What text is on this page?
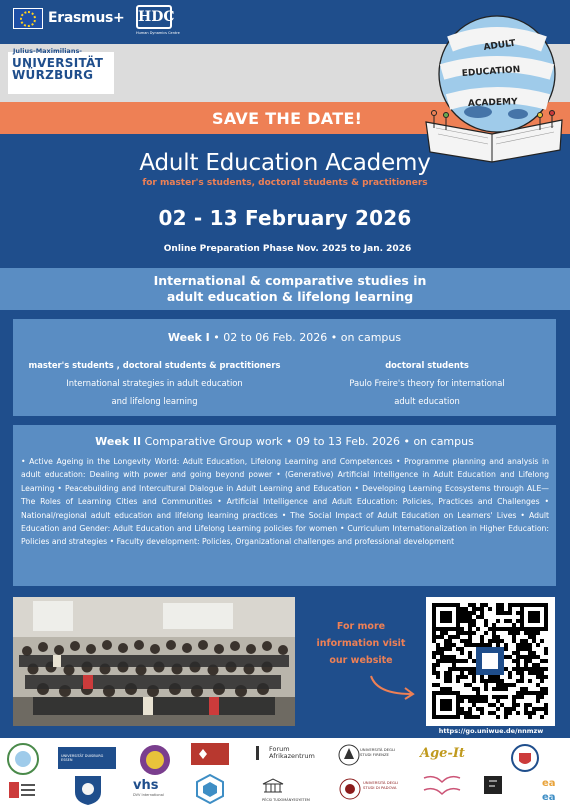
Erasmus+ HDC
Human Dynamics Centre
Julius-Maximilians-
UNIVERSITÄT
WÜRZBURG
SAVE THE DATE!
ADULT
EDUCATION
ACADEMY
Adult Education Academy
for master's students, doctoral students & practitioners
02 - 13 February 2026
Online Preparation Phase Nov. 2025 to Jan. 2026
International & comparative studies in
adult education & lifelong learning
Week I • 02 to 06 Feb. 2026 • on campus
master's students , doctoral students & practitioners
International strategies in adult education
and lifelong learning
doctoral students
Paulo Freire's theory for international
adult education
Week II Comparative Group work • 09 to 13 Feb. 2026 • on campus
• Active Ageing in the Longevity World: Adult Education, Lifelong Learning and Competences • Programme planning and analysis in adult education: Dealing with power and going beyond power • (Generative) Artificial Intelligence in Adult Education and Lifelong Learning • Peacebuilding and Intercultural Dialogue in Adult Learning and Education • Developing Learning Ecosystems through ALE—The Roles of Learning Cities and Communities • Artificial Intelligence and Adult Education: Policies, Practices and Challenges • National/regional adult education and lifelong learning practices • The Social Impact of Adult Education on Learners' Lives • Adult Education and Gender: Adult Education and Lifelong Learning policies for women • Curriculum Internationalization in Higher Education: Policies and strategies • Faculty development: Policies, Organizational challenges and professional development
For more
information visit
our website
https://go.uniwue.de/nnmzw
UNIVERSITÄT DUISBURG ESSEN
vhs
DVV International
Forum Afrikazentrum
PÉCSI TUDOMÁNYEGYETEM
UNIVERSITÀ DEGLI STUDI FIRENZE
UNIVERSITÀ DEGLI STUDI DI PADOVA
Age-It
ea
ea
